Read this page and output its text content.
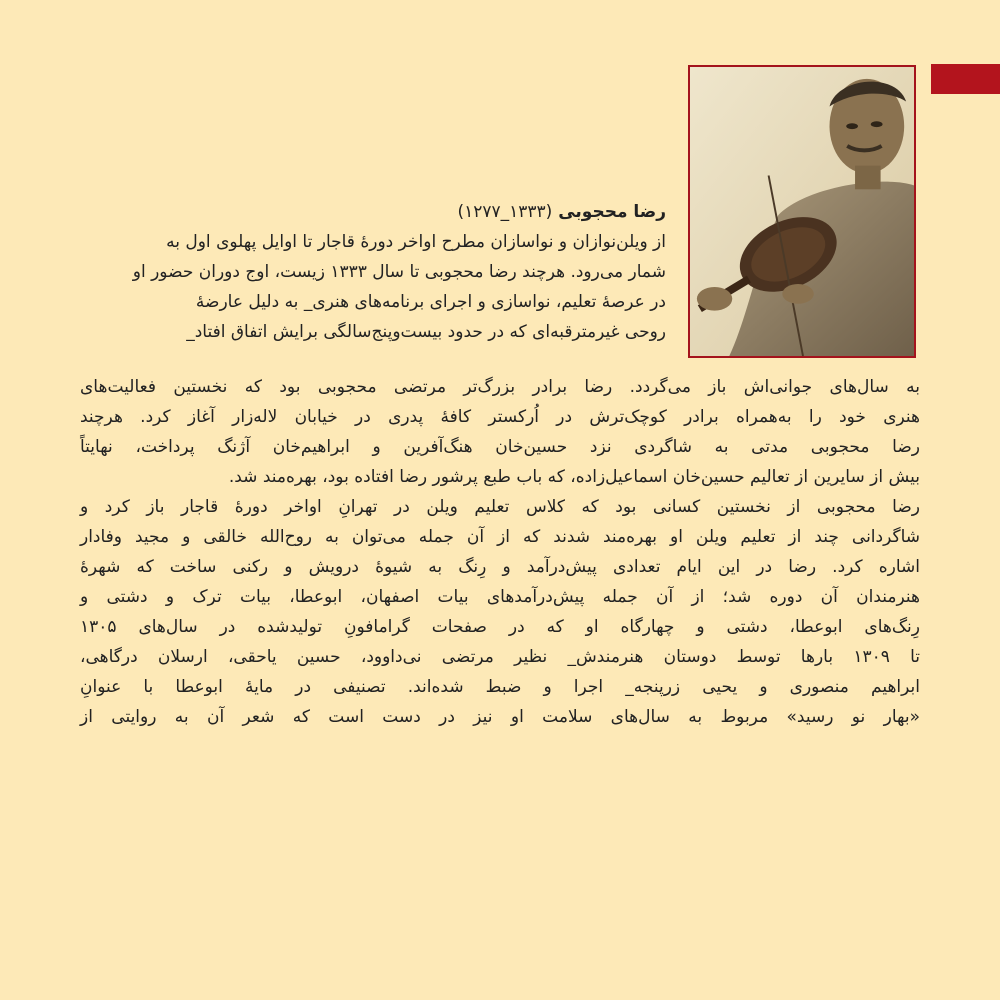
رضا محجوبی (۱۳۳۳_۱۲۷۷)
از ویلن‌نوازان و نواسازان مطرح اواخر دورهٔ قاجار تا اوایل پهلوی اول به
شمار می‌رود. هرچند رضا محجوبی تا سال ۱۳۳۳ زیست، اوج دوران حضور او
در عرصهٔ تعلیم، نواسازی و اجرای برنامه‌های هنری_ به دلیل عارضهٔ
روحی غیرمترقبه‌ای که در حدود بیست‌وپنج‌سالگی برایش اتفاق افتاد_
به سال‌های جوانی‌اش باز می‌گردد. رضا برادر بزرگ‌تر مرتضی محجوبی بود که نخستین فعالیت‌های
هنری خود را به‌همراه برادر کوچک‌ترش در اُرکستر کافهٔ پدری در خیابان لاله‌زار آغاز کرد. هرچند
رضا محجوبی مدتی به شاگردی نزد حسین‌خان هنگ‌آفرین و ابراهیم‌خان آژنگ پرداخت، نهایتاً
بیش از سایرین از تعالیم حسین‌خان اسماعیل‌زاده، که باب طبع پرشور رضا افتاده بود، بهره‌مند شد.
رضا محجوبی از نخستین کسانی بود که کلاس تعلیم ویلن در تهرانِ اواخر دورهٔ قاجار باز کرد و
شاگردانی چند از تعلیم ویلن او بهره‌مند شدند که از آن جمله می‌توان به روح‌الله خالقی و مجید وفادار
اشاره کرد. رضا در این ایام تعدادی پیش‌درآمد و رِنگ به شیوهٔ درویش و رکنی ساخت که شهرهٔ
هنرمندان آن دوره شد؛ از آن جمله پیش‌درآمدهای بیات اصفهان، ابوعطا، بیات ترک و دشتی و
رِنگ‌های ابوعطا، دشتی و چهارگاه او که در صفحات گرامافونِ تولیدشده در سال‌های ۱۳۰۵
تا ۱۳۰۹ بارها توسط دوستان هنرمندش_ نظیر مرتضی نی‌داوود، حسین یاحقی، ارسلان درگاهی،
ابراهیم منصوری و یحیی زرپنجه_ اجرا و ضبط شده‌اند. تصنیفی در مایهٔ ابوعطا با عنوانِ
«بهار نو رسید» مربوط به سال‌های سلامت او نیز در دست است که شعر آن به روایتی از
